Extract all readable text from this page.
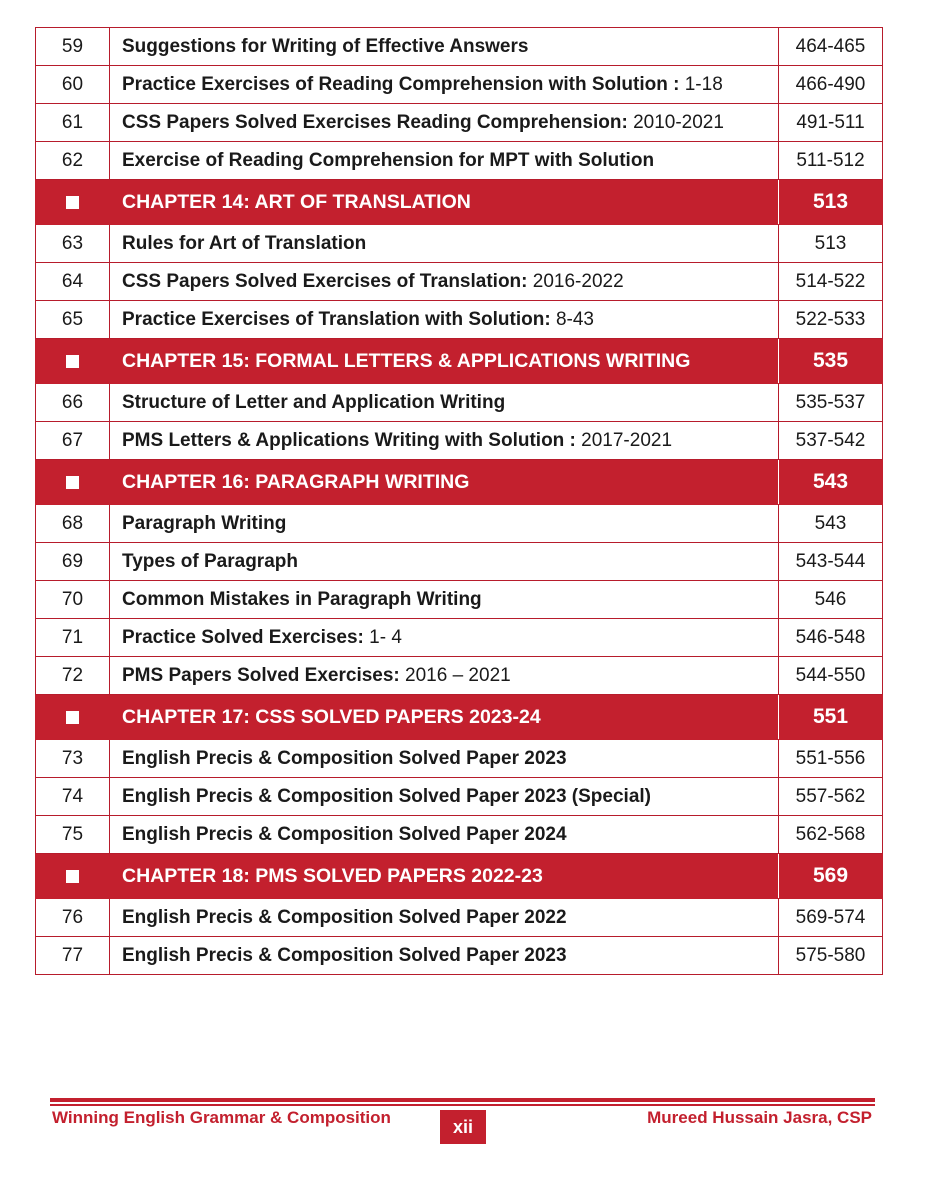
59	Suggestions for Writing of Effective Answers	464-465
60	Practice Exercises of Reading Comprehension with Solution : 1-18	466-490
61	CSS Papers Solved Exercises Reading Comprehension: 2010-2021	491-511
62	Exercise of Reading Comprehension for MPT with Solution	511-512
	CHAPTER 14: ART OF TRANSLATION	513
63	Rules for Art of Translation	513
64	CSS Papers Solved Exercises of Translation: 2016-2022	514-522
65	Practice Exercises of Translation with Solution: 8-43	522-533
	CHAPTER 15: FORMAL LETTERS & APPLICATIONS WRITING	535
66	Structure of Letter and Application Writing	535-537
67	PMS Letters & Applications Writing with Solution : 2017-2021	537-542
	CHAPTER 16: PARAGRAPH WRITING	543
68	Paragraph Writing	543
69	Types of Paragraph	543-544
70	Common Mistakes in Paragraph Writing	546
71	Practice Solved Exercises: 1- 4	546-548
72	PMS Papers Solved Exercises: 2016 – 2021	544-550
	CHAPTER 17: CSS SOLVED PAPERS 2023-24	551
73	English Precis & Composition Solved Paper 2023	551-556
74	English Precis & Composition Solved Paper 2023 (Special)	557-562
75	English Precis & Composition Solved Paper 2024	562-568
	CHAPTER 18: PMS SOLVED PAPERS 2022-23	569
76	English Precis & Composition Solved Paper 2022	569-574
77	English Precis & Composition Solved Paper 2023	575-580
Winning English Grammar & Composition	xii	Mureed Hussain Jasra, CSP
